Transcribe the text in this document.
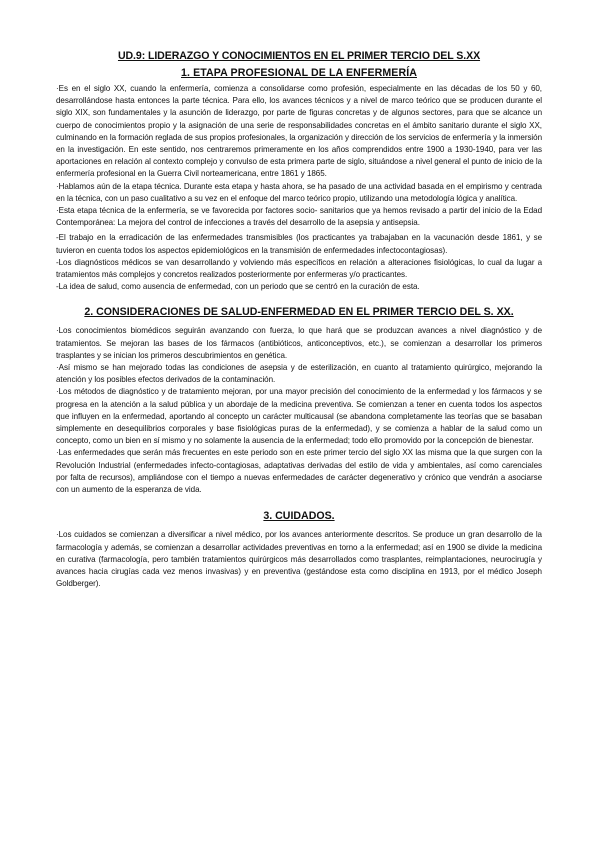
UD.9: LIDERAZGO Y CONOCIMIENTOS EN EL PRIMER TERCIO DEL S.XX
1. ETAPA PROFESIONAL DE LA ENFERMERÍA

·Es en el siglo XX, cuando la enfermería, comienza a consolidarse como profesión, especialmente en las décadas de los 50 y 60, desarrollándose hasta entonces la parte técnica. Para ello, los avances técnicos y a nivel de marco teórico que se producen durante el siglo XIX, son fundamentales y la asunción de liderazgo, por parte de figuras concretas y de algunos sectores, para que se alcance un cuerpo de conocimientos propio y la asignación de una serie de responsabilidades concretas en el ámbito sanitario durante el siglo XX, culminando en la formación reglada de sus propios profesionales, la organización y dirección de los servicios de enfermería y la inmersión en la investigación. En este sentido, nos centraremos primeramente en los años comprendidos entre 1900 a 1930-1940, para ver las aportaciones en relación al contexto complejo y convulso de esta primera parte de siglo, situándose a nivel general el punto de inicio de la enfermería profesional en la Guerra Civil norteamericana, entre 1861 y 1865.

·Hablamos aún de la etapa técnica. Durante esta etapa y hasta ahora, se ha pasado de una actividad basada en el empirismo y centrada en la técnica, con un paso cualitativo a su vez en el enfoque del marco teórico propio, utilizando una metodología lógica y analítica.

·Esta etapa técnica de la enfermería, se ve favorecida por factores socio- sanitarios que ya hemos revisado a partir del inicio de la Edad Contemporánea: La mejora del control de infecciones a través del desarrollo de la asepsia y antisepsia.

-El trabajo en la erradicación de las enfermedades transmisibles (los practicantes ya trabajaban en la vacunación desde 1861, y se tuvieron en cuenta todos los aspectos epidemiológicos en la transmisión de enfermedades infectocontagiosas).

-Los diagnósticos médicos se van desarrollando y volviendo más específicos en relación a alteraciones fisiológicas, lo cual da lugar a tratamientos más complejos y concretos realizados posteriormente por enfermeras y/o practicantes.

-La idea de salud, como ausencia de enfermedad, con un periodo que se centró en la curación de esta.

2. CONSIDERACIONES DE SALUD-ENFERMEDAD EN EL PRIMER TERCIO DEL S. XX.

·Los conocimientos biomédicos seguirán avanzando con fuerza, lo que hará que se produzcan avances a nivel diagnóstico y de tratamientos. Se mejoran las bases de los fármacos (antibióticos, anticonceptivos, etc.), se comienzan a desarrollar los primeros trasplantes y se inician los primeros descubrimientos en genética.

·Así mismo se han mejorado todas las condiciones de asepsia y de esterilización, en cuanto al tratamiento quirúrgico, mejorando la atención y los posibles efectos derivados de la contaminación.

·Los métodos de diagnóstico y de tratamiento mejoran, por una mayor precisión del conocimiento de la enfermedad y los fármacos y se progresa en la atención a la salud pública y un abordaje de la medicina preventiva. Se comienzan a tener en cuenta todos los aspectos que influyen en la enfermedad, aportando al concepto un carácter multicausal (se abandona completamente las teorías que se basaban simplemente en desequilibrios corporales y base fisiológicas puras de la enfermedad), y se comienza a hablar de la salud como un concepto, como un bien en sí mismo y no solamente la ausencia de la enfermedad; todo ello promovido por la concepción de bienestar.

·Las enfermedades que serán más frecuentes en este periodo son en este primer tercio del siglo XX las misma que la que surgen con la Revolución Industrial (enfermedades infecto-contagiosas, adaptativas derivadas del estilo de vida y ambientales, así como carenciales por falta de recursos), ampliándose con el tiempo a nuevas enfermedades de carácter degenerativo y crónico que vendrán a asociarse con un aumento de la esperanza de vida.

3. CUIDADOS.

·Los cuidados se comienzan a diversificar a nivel médico, por los avances anteriormente descritos. Se produce un gran desarrollo de la farmacología y además, se comienzan a desarrollar actividades preventivas en torno a la enfermedad; así en 1900 se divide la medicina en curativa (farmacología, pero también tratamientos quirúrgicos más desarrollados como trasplantes, reimplantaciones, neurocirugía y avances hacia cirugías cada vez menos invasivas) y en preventiva (gestándose esta como disciplina en 1913, por el médico Joseph Goldberger).
